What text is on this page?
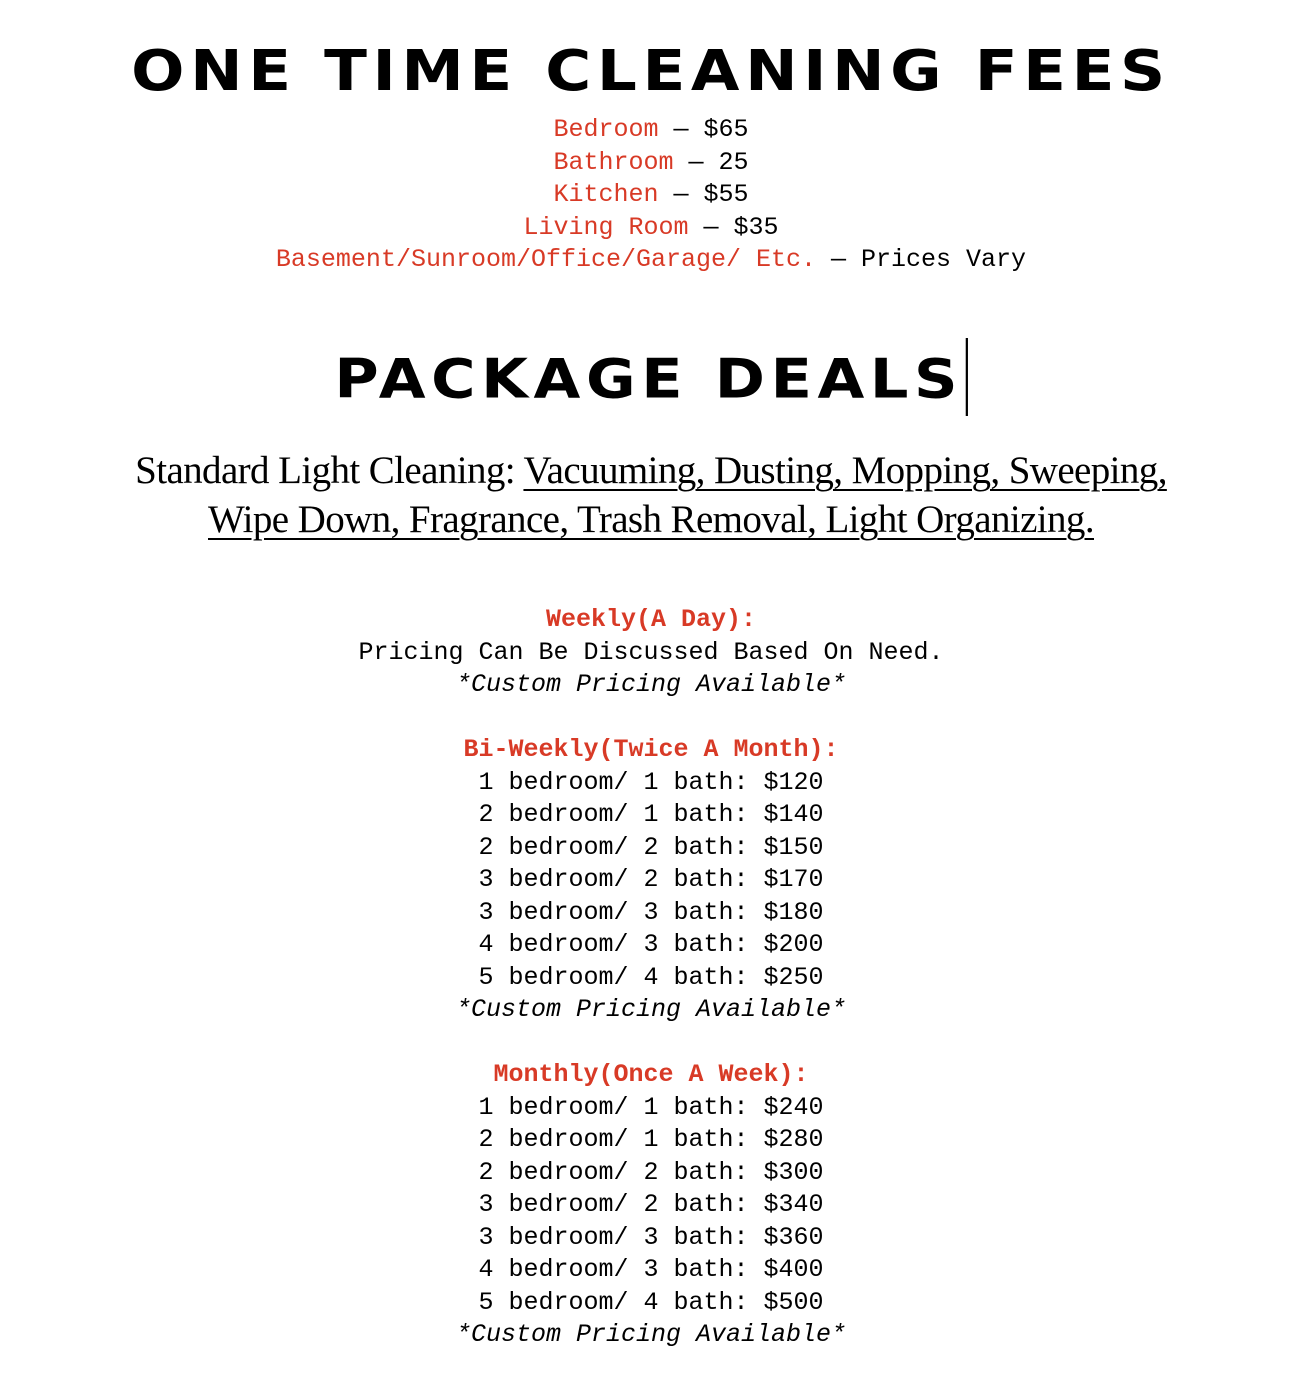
ONE TIME CLEANING FEES
Bedroom — $65
Bathroom — 25
Kitchen — $55
Living Room — $35
Basement/Sunroom/Office/Garage/ Etc. — Prices Vary
PACKAGE DEALS
Standard Light Cleaning: Vacuuming, Dusting, Mopping, Sweeping,
Wipe Down, Fragrance, Trash Removal, Light Organizing.
Weekly(A Day):
Pricing Can Be Discussed Based On Need.
*Custom Pricing Available*
Bi-Weekly(Twice A Month):
1 bedroom/ 1 bath: $120
2 bedroom/ 1 bath: $140
2 bedroom/ 2 bath: $150
3 bedroom/ 2 bath: $170
3 bedroom/ 3 bath: $180
4 bedroom/ 3 bath: $200
5 bedroom/ 4 bath: $250
*Custom Pricing Available*
Monthly(Once A Week):
1 bedroom/ 1 bath: $240
2 bedroom/ 1 bath: $280
2 bedroom/ 2 bath: $300
3 bedroom/ 2 bath: $340
3 bedroom/ 3 bath: $360
4 bedroom/ 3 bath: $400
5 bedroom/ 4 bath: $500
*Custom Pricing Available*
